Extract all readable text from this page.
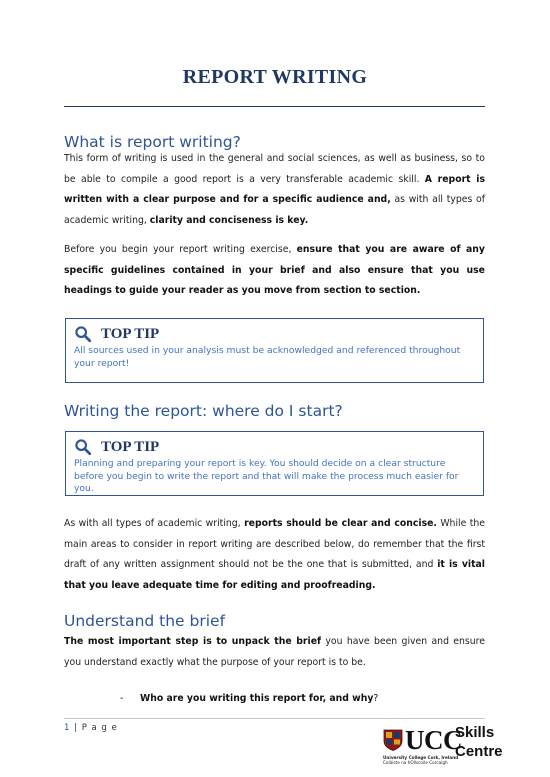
REPORT WRITING
What is report writing?

This form of writing is used in the general and social sciences, as well as business, so to be able to compile a good report is a very transferable academic skill. A report is written with a clear purpose and for a specific audience and, as with all types of academic writing, clarity and conciseness is key.

Before you begin your report writing exercise, ensure that you are aware of any specific guidelines contained in your brief and also ensure that you use headings to guide your reader as you move from section to section.

TOP TIP

All sources used in your analysis must be acknowledged and referenced throughout your report!

Writing the report: where do I start?
TOP TIP

Planning and preparing your report is key. You should decide on a clear structure before you begin to write the report and that will make the process much easier for you.

As with all types of academic writing, reports should be clear and concise. While the main areas to consider in report writing are described below, do remember that the first draft of any written assignment should not be the one that is submitted, and it is vital that you leave adequate time for editing and proofreading.

Understand the brief

The most important step is to unpack the brief you have been given and ensure you understand exactly what the purpose of your report is to be.

- Who are you writing this report for, and why?
1 | P a g e	UCC
University College Cork, Ireland
Coláiste na hOllscoile Corcaigh
Skills
Centre
